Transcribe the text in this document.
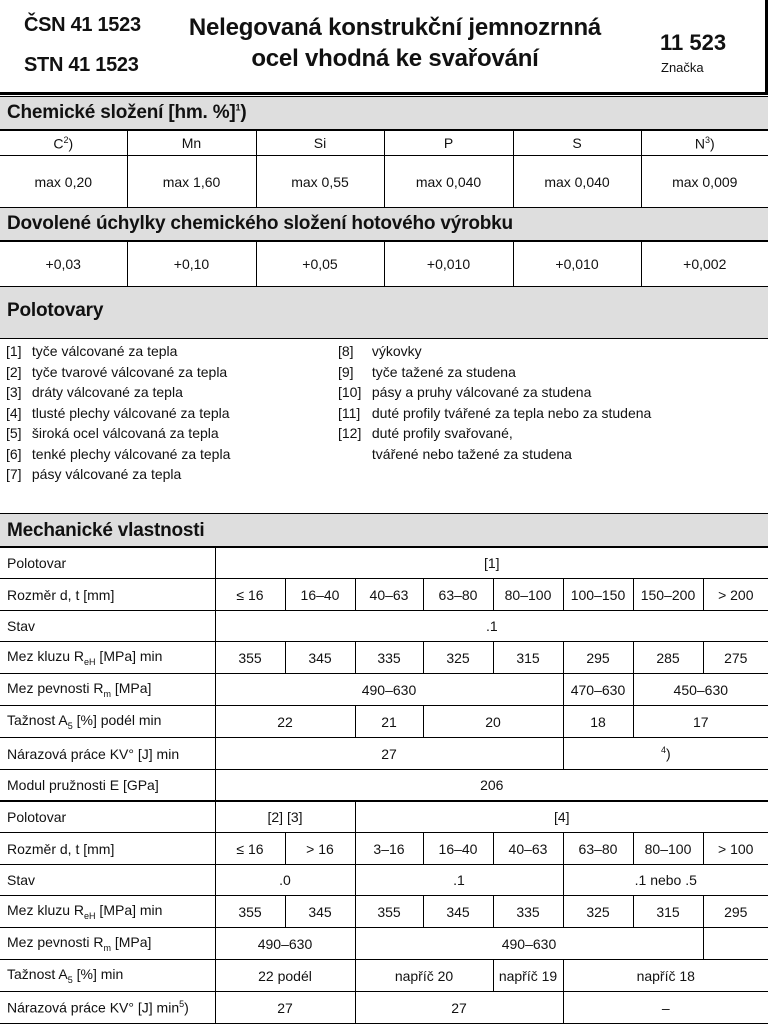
ČSN 41 1523
STN 41 1523
Nelegovaná konstrukční jemnozrnná
ocel vhodná ke svařování
11 523
Značka
Chemické složení [hm. %]$^1$)
$C^2$)	Mn	Si	P	S	$N^3$)
max 0,20	max 1,60	max 0,55	max 0,040	max 0,040	max 0,009
Dovolené úchylky chemického složení hotového výrobku
+0,03	+0,10	+0,05	+0,010	+0,010	+0,002
Polotovary
[1] tyče válcované za tepla
[2] tyče tvarové válcované za tepla
[3] dráty válcované za tepla
[4] tlusté plechy válcované za tepla
[5] široká ocel válcovaná za tepla
[6] tenké plechy válcované za tepla
[7] pásy válcované za tepla
[8] výkovky
[9] tyče tažené za studena
[10] pásy a pruhy válcované za studena
[11] duté profily tvářené za tepla nebo za studena
[12] duté profily svařované,
tvářené nebo tažené za studena
Mechanické vlastnosti
Polotovar	[1]							
Rozměr d, t [mm]	≤ 16	16–40	40–63	63–80	80–100	100–150	150–200	> 200
Stav	.1							
Mez kluzu $R_{eH}$ [MPa] min	355	345	335	325	315	295	285	275
Mez pevnosti $R_m$ [MPa]	490–630					470–630	450–630	
Tažnost $A_5$ [%] podél min	22		21	20		18	17	
Nárazová práce KV° [J] min	27					$^4$)		
Modul pružnosti E [GPa]	206							
Polotovar	[2] [3]		[4]						
Rozměr d, t [mm]	≤ 16	> 16	3–16	16–40	40–63	63–80	80–100	> 100	
Stav	.0		.1			.1 nebo .5			
Mez kluzu $R_{eH}$ [MPa] min	355	345	355	345	335	325	315	295	
Mez pevnosti $R_m$ [MPa]	490–630		490–630		
Tažnost $A_5$ [%] min	22 podél		napříč 20		napříč 19	napříč 18			
Nárazová práce KV° [J] $\min^5$)	27		27			–			
